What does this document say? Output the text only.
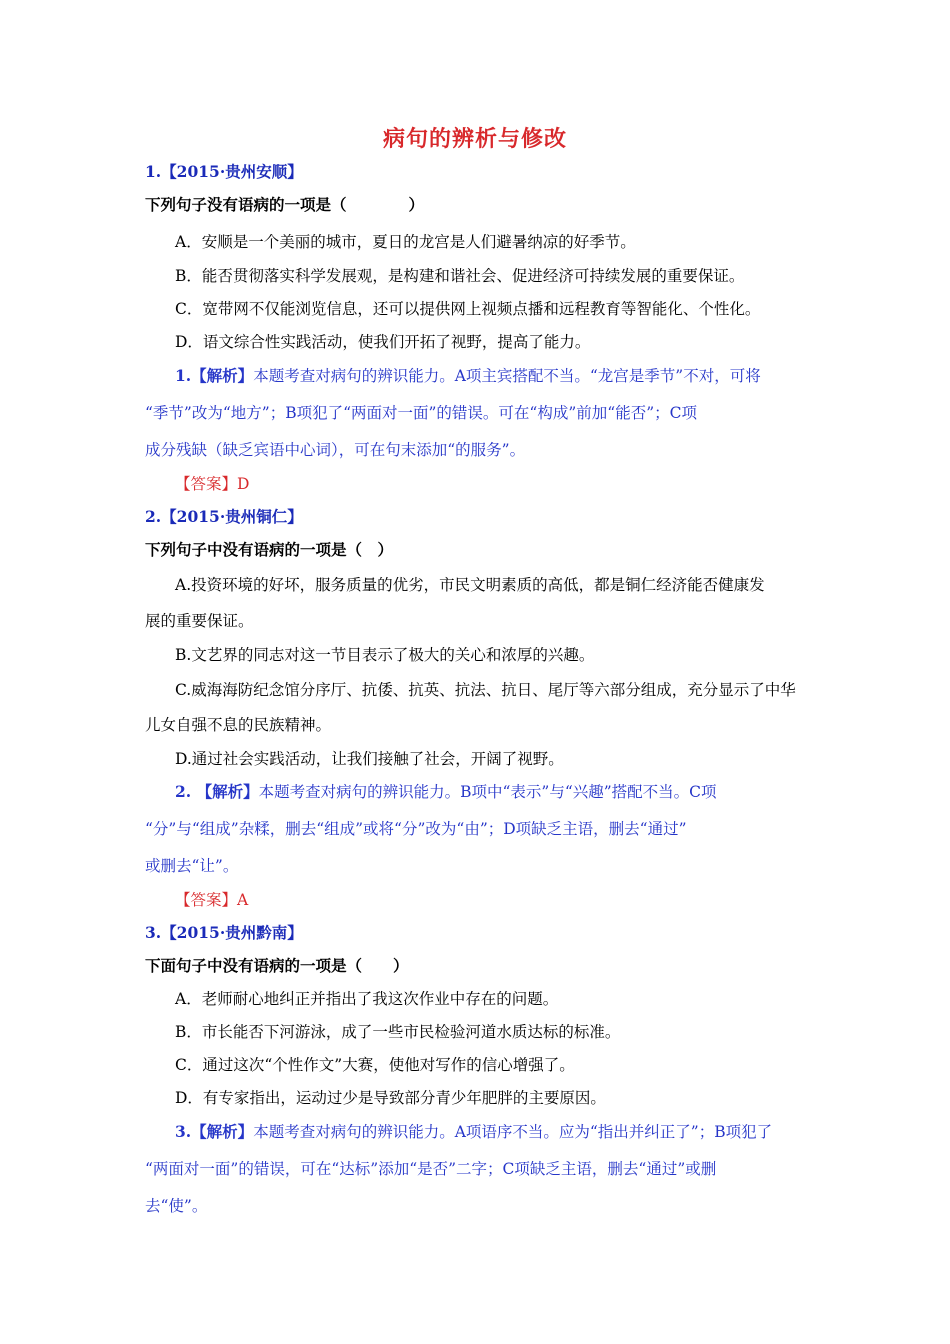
病句的辨析与修改
1.【2015·贵州安顺】
下列句子没有语病的一项是（　　　　）
A．安顺是一个美丽的城市，夏日的龙宫是人们避暑纳凉的好季节。
B．能否贯彻落实科学发展观，是构建和谐社会、促进经济可持续发展的重要保证。
C．宽带网不仅能浏览信息，还可以提供网上视频点播和远程教育等智能化、个性化。
D．语文综合性实践活动，使我们开拓了视野，提高了能力。
1.【解析】本题考查对病句的辨识能力。A项主宾搭配不当。“龙宫是季节”不对，可将
“季节”改为“地方”；B项犯了“两面对一面”的错误。可在“构成”前加“能否”；C项
成分残缺（缺乏宾语中心词），可在句末添加“的服务”。
【答案】D
2.【2015·贵州铜仁】
下列句子中没有语病的一项是（　）
A.投资环境的好坏，服务质量的优劣，市民文明素质的高低，都是铜仁经济能否健康发
展的重要保证。
B.文艺界的同志对这一节目表示了极大的关心和浓厚的兴趣。
C.威海海防纪念馆分序厅、抗倭、抗英、抗法、抗日、尾厅等六部分组成，充分显示了中华
儿女自强不息的民族精神。
D.通过社会实践活动，让我们接触了社会，开阔了视野。
2. 【解析】本题考查对病句的辨识能力。B项中“表示”与“兴趣”搭配不当。C项
“分”与“组成”杂糅，删去“组成”或将“分”改为“由”；D项缺乏主语，删去“通过”
或删去“让”。
【答案】A
3.【2015·贵州黔南】
下面句子中没有语病的一项是（　　）
A．老师耐心地纠正并指出了我这次作业中存在的问题。
B．市长能否下河游泳，成了一些市民检验河道水质达标的标准。
C．通过这次“个性作文”大赛，使他对写作的信心增强了。
D．有专家指出，运动过少是导致部分青少年肥胖的主要原因。
3.【解析】本题考查对病句的辨识能力。A项语序不当。应为“指出并纠正了”；B项犯了
“两面对一面”的错误，可在“达标”添加“是否”二字；C项缺乏主语，删去“通过”或删
去“使”。
